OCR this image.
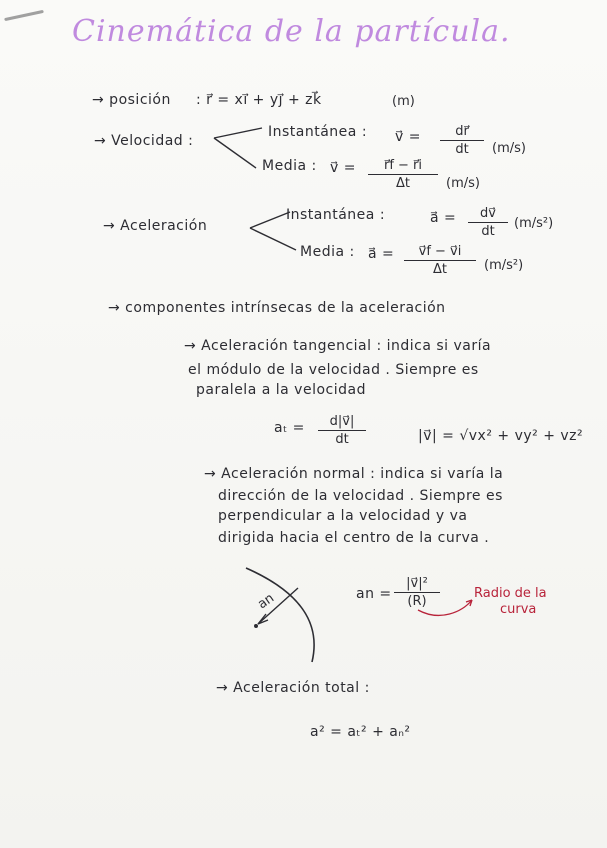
Cinemática de la partícula.
→ posición : r⃗ = xi⃗ + yj⃗ + zk⃗	(m)
→ Velocidad :
Instantánea : v⃗ =	dr⃗
dt	(m/s)
Media : v⃗ =	r⃗f − r⃗i
Δt	(m/s)
→ Aceleración
Instantánea :	a⃗ =	dv⃗
dt
(m/s²)
Media : a⃗ =	v⃗f − v⃗i
Δt	(m/s²)
→ componentes intrínsecas de la aceleración
→ Aceleración tangencial : indica si varía
el módulo de la velocidad . Siempre es
paralela a la velocidad
aₜ =	d|v⃗|
dt	|v⃗| = √vx² + vy² + vz²
→ Aceleración normal : indica si varía la
dirección de la velocidad . Siempre es
perpendicular a la velocidad y va
dirigida hacia el centro de la curva .
an	an =
|v⃗|²
(R)
Radio de la
curva
→ Aceleración total :
a² = aₜ² + aₙ²
